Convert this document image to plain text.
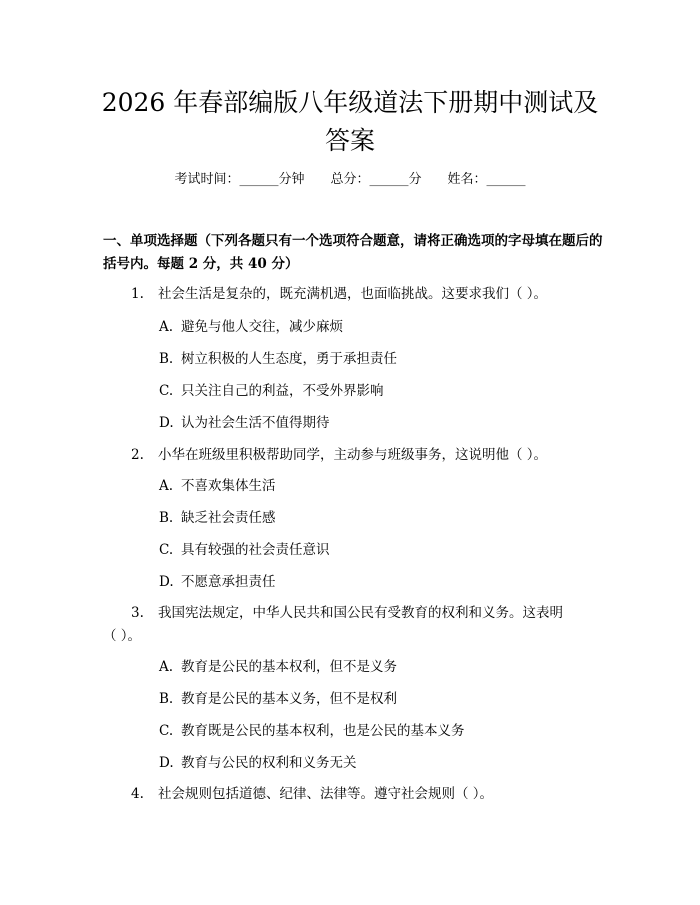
2026 年春部编版八年级道法下册期中测试及
答案
考试时间：______分钟 总分：______分 姓名：______
一、单项选择题（下列各题只有一个选项符合题意，请将正确选项的字母填在题后的括号内。每题 2 分，共 40 分）
1. 社会生活是复杂的，既充满机遇，也面临挑战。这要求我们（ ）。
A. 避免与他人交往，减少麻烦
B. 树立积极的人生态度，勇于承担责任
C. 只关注自己的利益，不受外界影响
D. 认为社会生活不值得期待
2. 小华在班级里积极帮助同学，主动参与班级事务，这说明他（ ）。
A. 不喜欢集体生活
B. 缺乏社会责任感
C. 具有较强的社会责任意识
D. 不愿意承担责任
3. 我国宪法规定，中华人民共和国公民有受教育的权利和义务。这表明
（ ）。
A. 教育是公民的基本权利，但不是义务
B. 教育是公民的基本义务，但不是权利
C. 教育既是公民的基本权利，也是公民的基本义务
D. 教育与公民的权利和义务无关
4. 社会规则包括道德、纪律、法律等。遵守社会规则（ ）。
